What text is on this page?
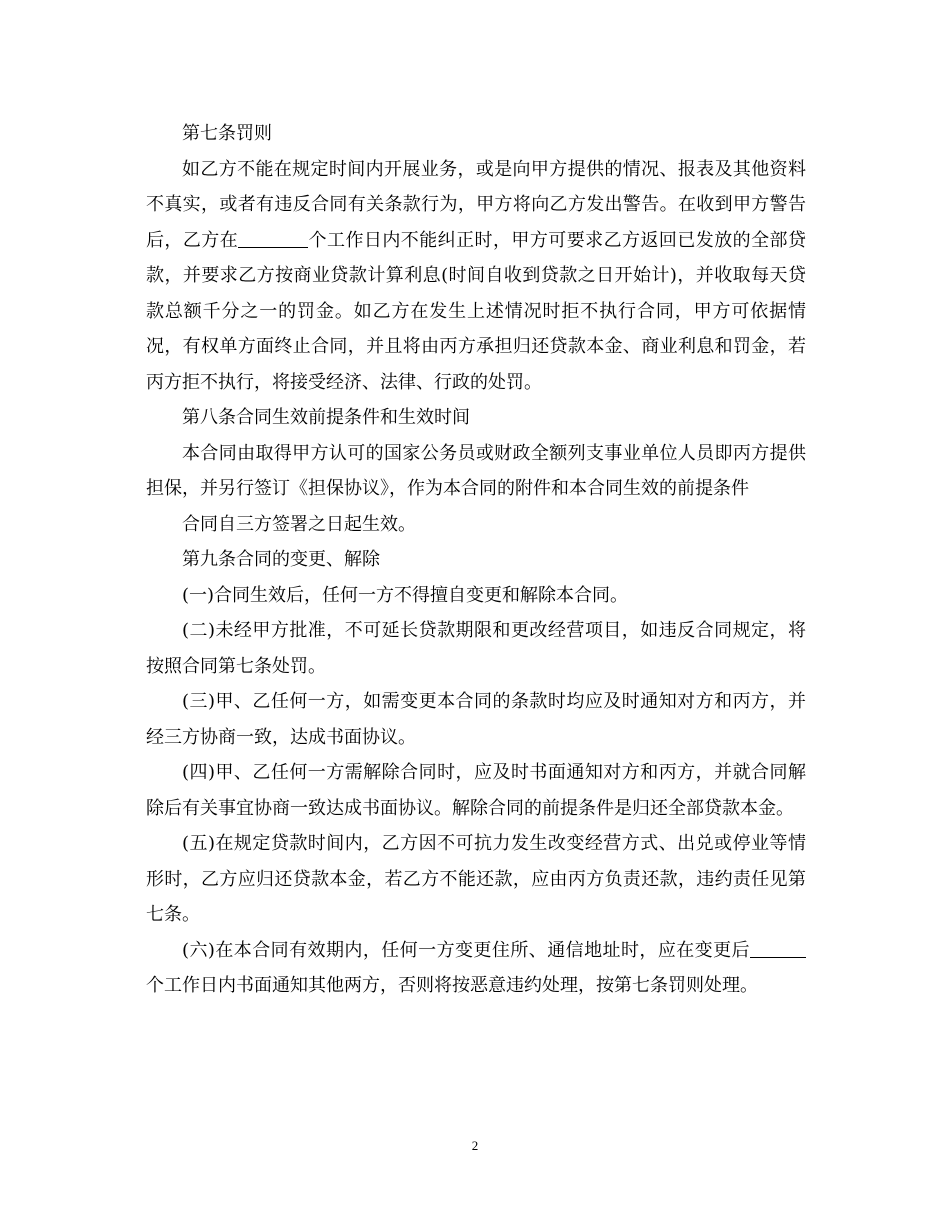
第七条罚则

如乙方不能在规定时间内开展业务，或是向甲方提供的情况、报表及其他资料不真实，或者有违反合同有关条款行为，甲方将向乙方发出警告。在收到甲方警告后，乙方在	个工作日内不能纠正时，甲方可要求乙方返回已发放的全部贷款，并要求乙方按商业贷款计算利息(时间自收到贷款之日开始计)，并收取每天贷款总额千分之一的罚金。如乙方在发生上述情况时拒不执行合同，甲方可依据情况，有权单方面终止合同，并且将由丙方承担归还贷款本金、商业利息和罚金，若丙方拒不执行，将接受经济、法律、行政的处罚。

第八条合同生效前提条件和生效时间

本合同由取得甲方认可的国家公务员或财政全额列支事业单位人员即丙方提供担保，并另行签订《担保协议》，作为本合同的附件和本合同生效的前提条件

合同自三方签署之日起生效。

第九条合同的变更、解除

(一)合同生效后，任何一方不得擅自变更和解除本合同。

(二)未经甲方批准，不可延长贷款期限和更改经营项目，如违反合同规定，将按照合同第七条处罚。

(三)甲、乙任何一方，如需变更本合同的条款时均应及时通知对方和丙方，并经三方协商一致，达成书面协议。

(四)甲、乙任何一方需解除合同时，应及时书面通知对方和丙方，并就合同解除后有关事宜协商一致达成书面协议。解除合同的前提条件是归还全部贷款本金。

(五)在规定贷款时间内，乙方因不可抗力发生改变经营方式、出兑或停业等情形时，乙方应归还贷款本金，若乙方不能还款，应由丙方负责还款，违约责任见第七条。

(六)在本合同有效期内，任何一方变更住所、通信地址时，应在变更后个工作日内书面通知其他两方，否则将按恶意违约处理，按第七条罚则处理。

2
